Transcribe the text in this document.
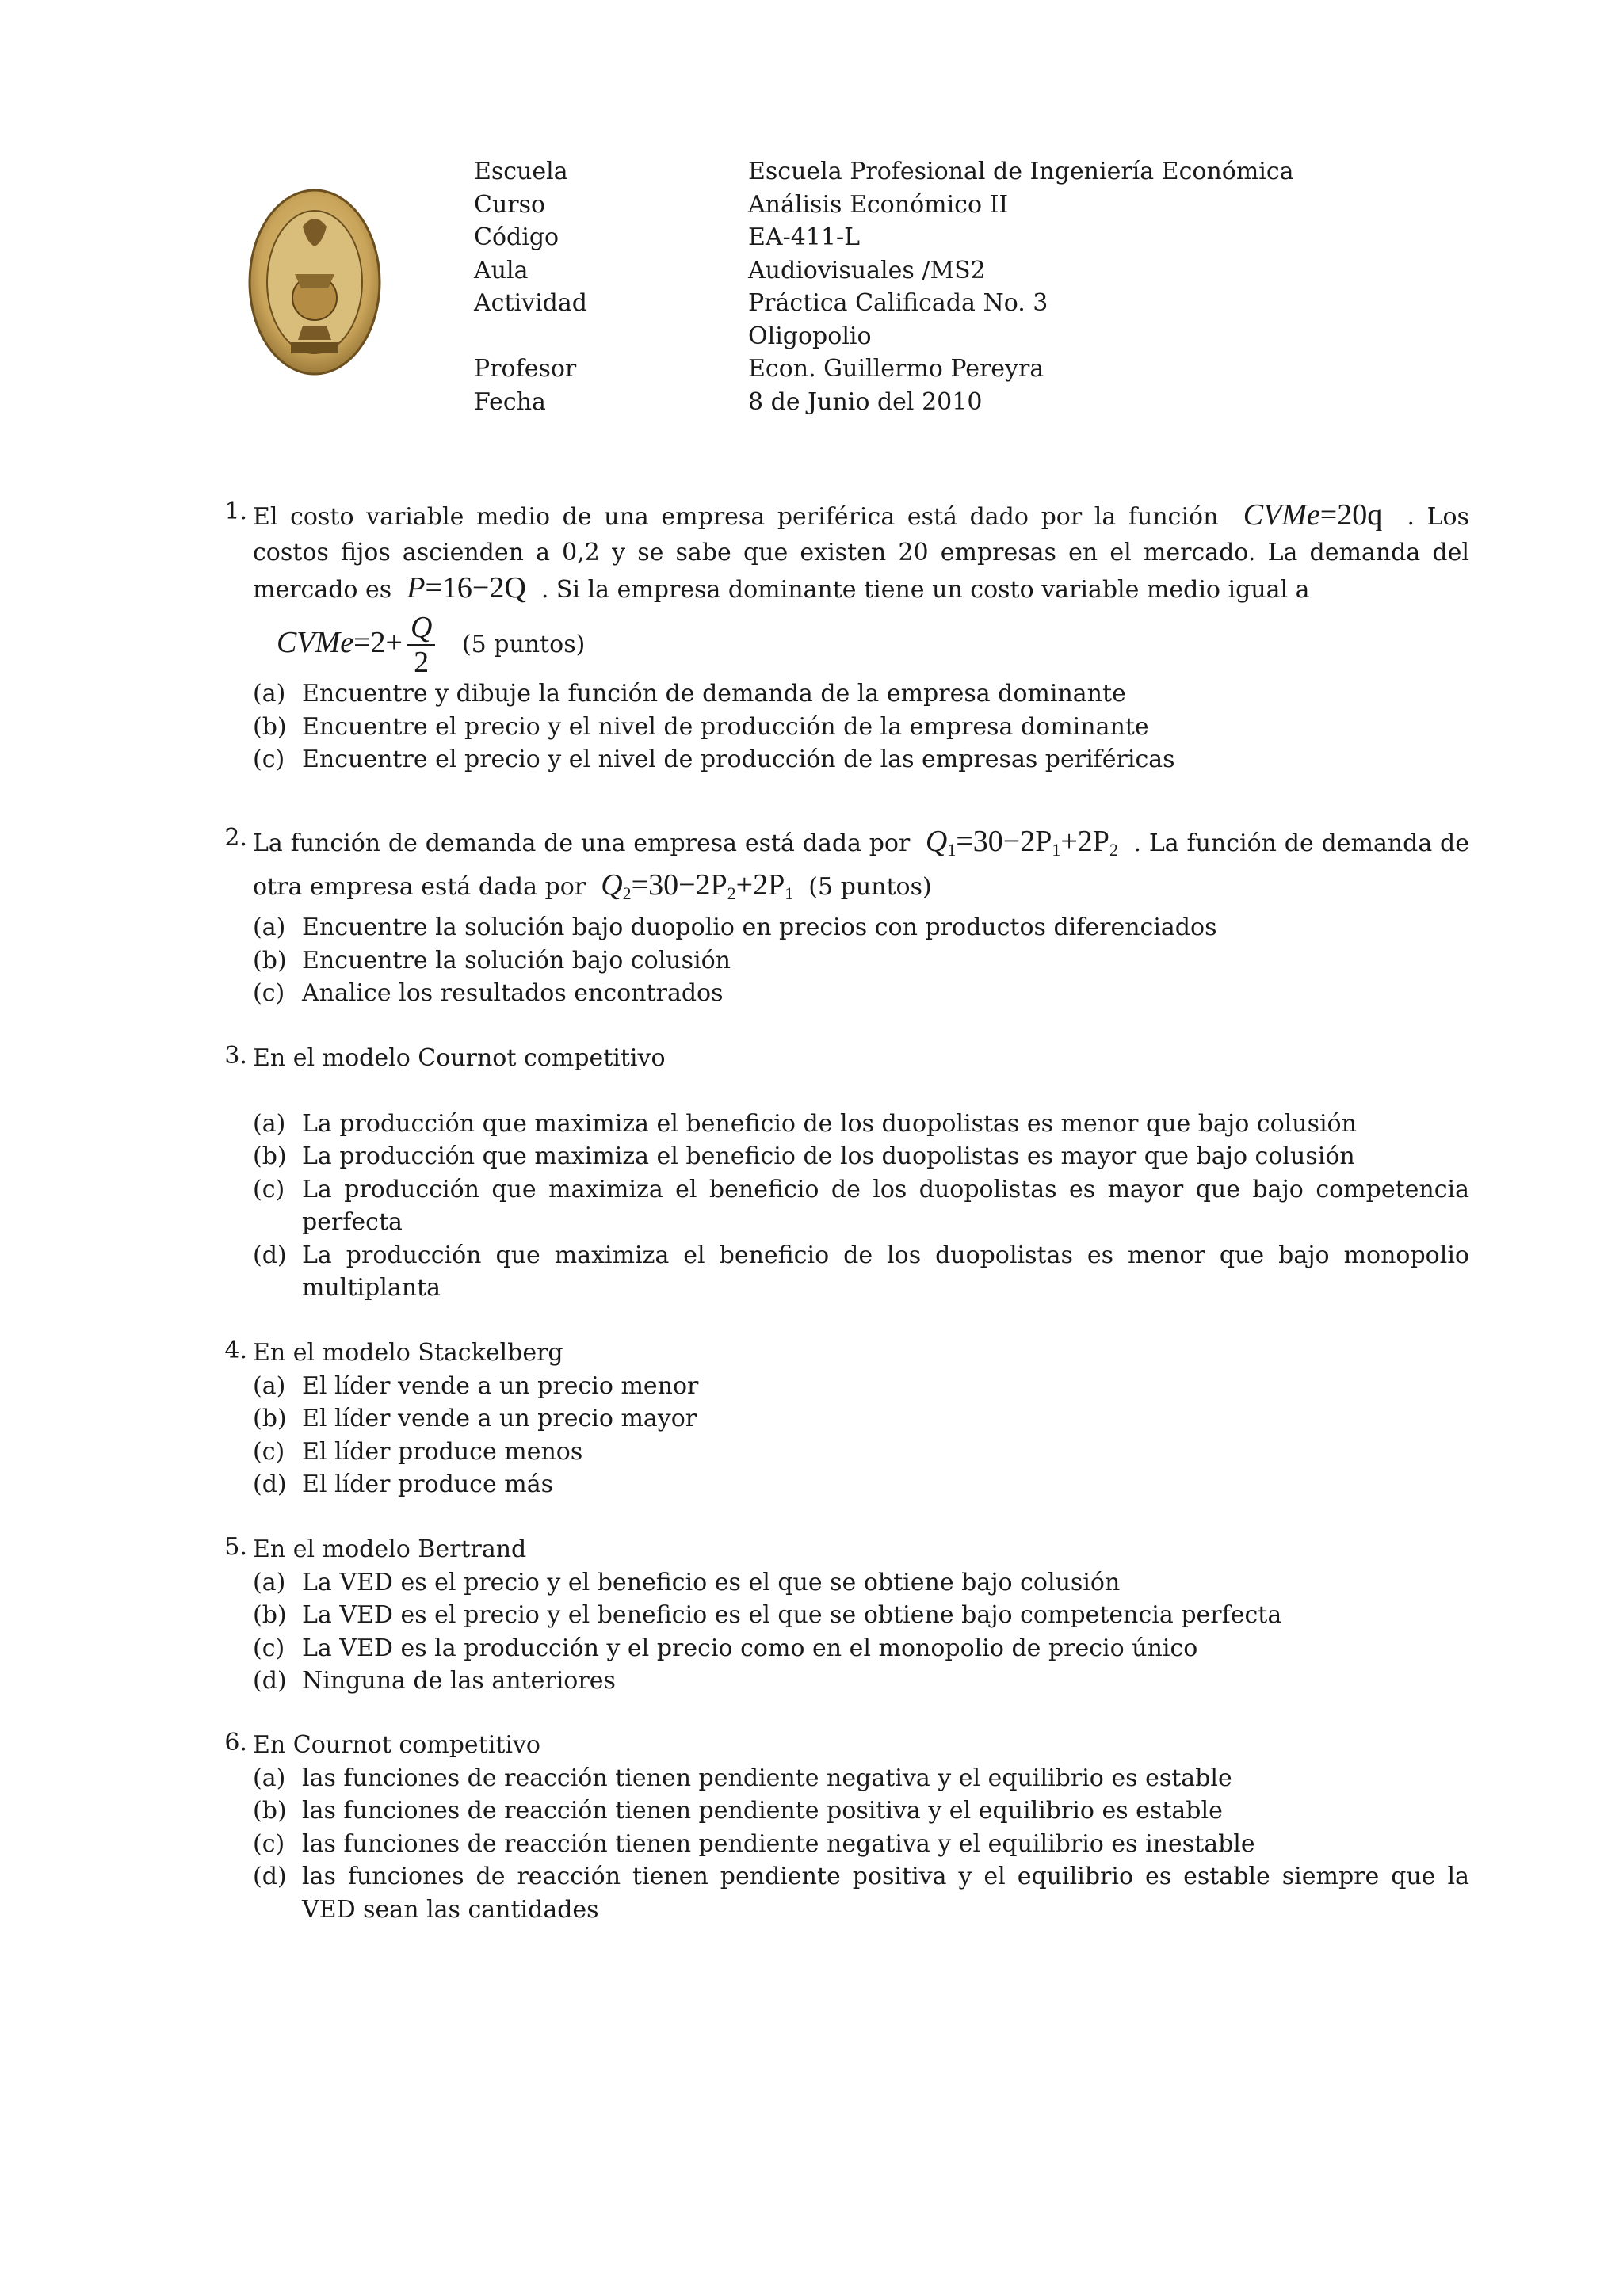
Escuela	Escuela Profesional de Ingeniería Económica
Curso	Análisis Económico II
Código	EA-411-L
Aula	Audiovisuales /MS2
Actividad	Práctica Calificada No. 3
	Oligopolio
Profesor	Econ. Guillermo Pereyra
Fecha	8 de Junio del 2010
1. El costo variable medio de una empresa periférica está dado por la función CVMe=20q . Los costos fijos ascienden a 0,2 y se sabe que existen 20 empresas en el mercado. La demanda del mercado es P=16−2Q . Si la empresa dominante tiene un costo variable medio igual a
CVMe=2+ $\frac{Q}{2} (5$ puntos)
(a) Encuentre y dibuje la función de demanda de la empresa dominante
(b) Encuentre el precio y el nivel de producción de la empresa dominante
(c) Encuentre el precio y el nivel de producción de las empresas periféricas
2. La función de demanda de una empresa está dada por $Q_1=30-2P_1+2P_2$ . La función de demanda de otra empresa está dada por $Q_2=30-2P_2+2P_1$ (5 puntos)
(a) Encuentre la solución bajo duopolio en precios con productos diferenciados
(b) Encuentre la solución bajo colusión
(c) Analice los resultados encontrados
3. En el modelo Cournot competitivo
(a) La producción que maximiza el beneficio de los duopolistas es menor que bajo colusión
(b) La producción que maximiza el beneficio de los duopolistas es mayor que bajo colusión
(c) La producción que maximiza el beneficio de los duopolistas es mayor que bajo competencia perfecta
(d) La producción que maximiza el beneficio de los duopolistas es menor que bajo monopolio multiplanta
4. En el modelo Stackelberg
(a) El líder vende a un precio menor
(b) El líder vende a un precio mayor
(c) El líder produce menos
(d) El líder produce más
5. En el modelo Bertrand
(a) La VED es el precio y el beneficio es el que se obtiene bajo colusión
(b) La VED es el precio y el beneficio es el que se obtiene bajo competencia perfecta
(c) La VED es la producción y el precio como en el monopolio de precio único
(d) Ninguna de las anteriores
6. En Cournot competitivo
(a) las funciones de reacción tienen pendiente negativa y el equilibrio es estable
(b) las funciones de reacción tienen pendiente positiva y el equilibrio es estable
(c) las funciones de reacción tienen pendiente negativa y el equilibrio es inestable
(d) las funciones de reacción tienen pendiente positiva y el equilibrio es estable siempre que la VED sean las cantidades
